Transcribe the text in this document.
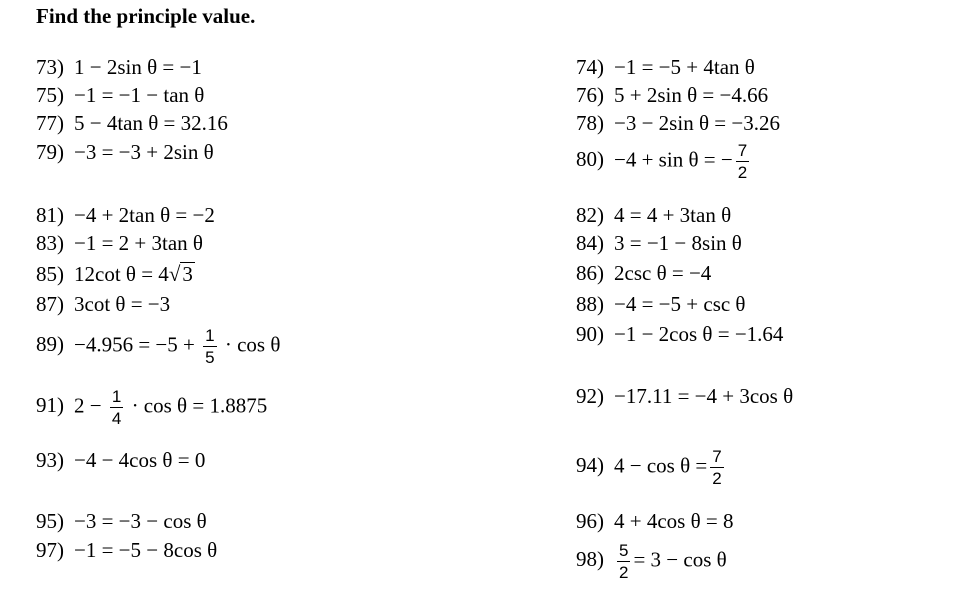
Find the principle value.
73) 1 − 2sin θ = −1
75) −1 = −1 − tan θ
77) 5 − 4tan θ = 32.16
79) −3 = −3 + 2sin θ
81) −4 + 2tan θ = −2
83) −1 = 2 + 3tan θ
85) 12cot θ = 4√3
87) 3cot θ = −3
$89) -4.956 = -5 + \frac{1}{5} \cdot \cos \theta$
91) $2 - \frac{1}{4} \cdot \cos \theta = 1.8875$
93) −4 − 4cos θ = 0
95) −3 = −3 − cos θ
97) −1 = −5 − 8cos θ
74) −1 = −5 + 4tan θ
76) 5 + 2sin θ = −4.66
78) −3 − 2sin θ = −3.26
80) −4 + sin θ = − $\frac{7}{2}$
82) 4 = 4 + 3tan θ
84) 3 = −1 − 8sin θ
86) 2csc θ = −4
88) −4 = −5 + csc θ
90) −1 − 2cos θ = −1.64
92) −17.11 = −4 + 3cos θ
94) $4 - \cos \theta = \frac{7}{2}$
96) 4 + 4cos θ = 8
$98) \frac{5}{2} = 3 - \cos \theta$
